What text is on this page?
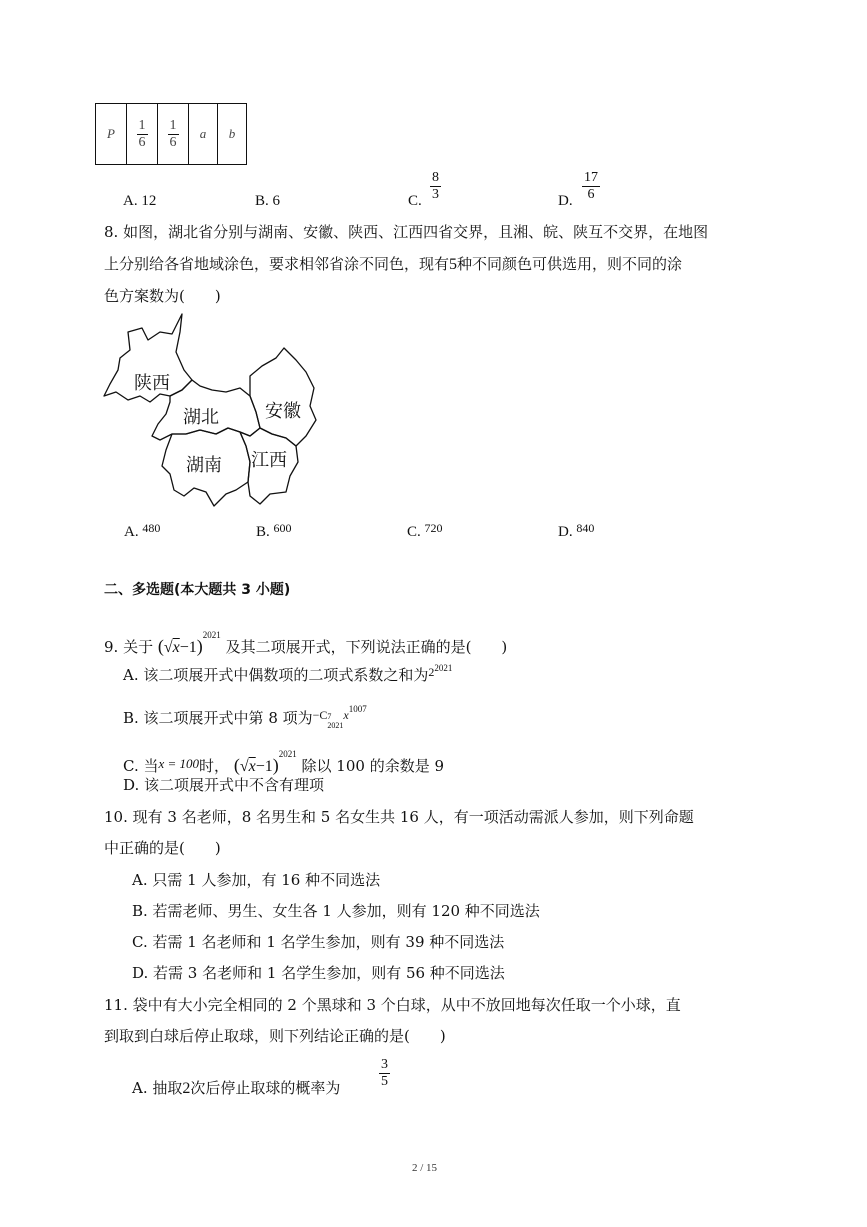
P	$\frac{1}{6}$	$\frac{1}{6}$	a	b
A. 12	B. 6	C. $\frac{8}{3}$	D. $\frac{17}{6}$
8. 如图，湖北省分别与湖南、安徽、陕西、江西四省交界，且湘、皖、陕互不交界，在地图
上分别给各省地域涂色，要求相邻省涂不同色，现有5种不同颜色可供选用，则不同的涂
色方案数为(　　)
陕西
湖北	安徽
湖南 江西
A. $^{480}$	B. $^{600}$	C. $^{720}$	D. $^{840}$
二、多选题(本大题共 3 小题)
9. 关于 $(√x-1)^{2021}$ 及其二项展开式，下列说法正确的是(　　)
A. 该二项展开式中偶数项的二项式系数之和为$^{22021}$
B. 该二项展开式中第 8 项为$^{-C}$ 7
2021
$^{x1007}$
C. 当x = 100时， $(√x-1)^{2021}$ 除以 100 的余数是 9
D. 该二项展开式中不含有理项
10. 现有 3 名老师，8 名男生和 5 名女生共 16 人，有一项活动需派人参加，则下列命题
中正确的是(　　)
A. 只需 1 人参加，有 16 种不同选法
B. 若需老师、男生、女生各 1 人参加，则有 120 种不同选法
C. 若需 1 名老师和 1 名学生参加，则有 39 种不同选法
D. 若需 3 名老师和 1 名学生参加，则有 56 种不同选法
11. 袋中有大小完全相同的 2 个黑球和 3 个白球，从中不放回地每次任取一个小球，直
到取到白球后停止取球，则下列结论正确的是(　　)
A. 抽取2次后停止取球的概率为	$\frac{3}{5}$
2 / 15
